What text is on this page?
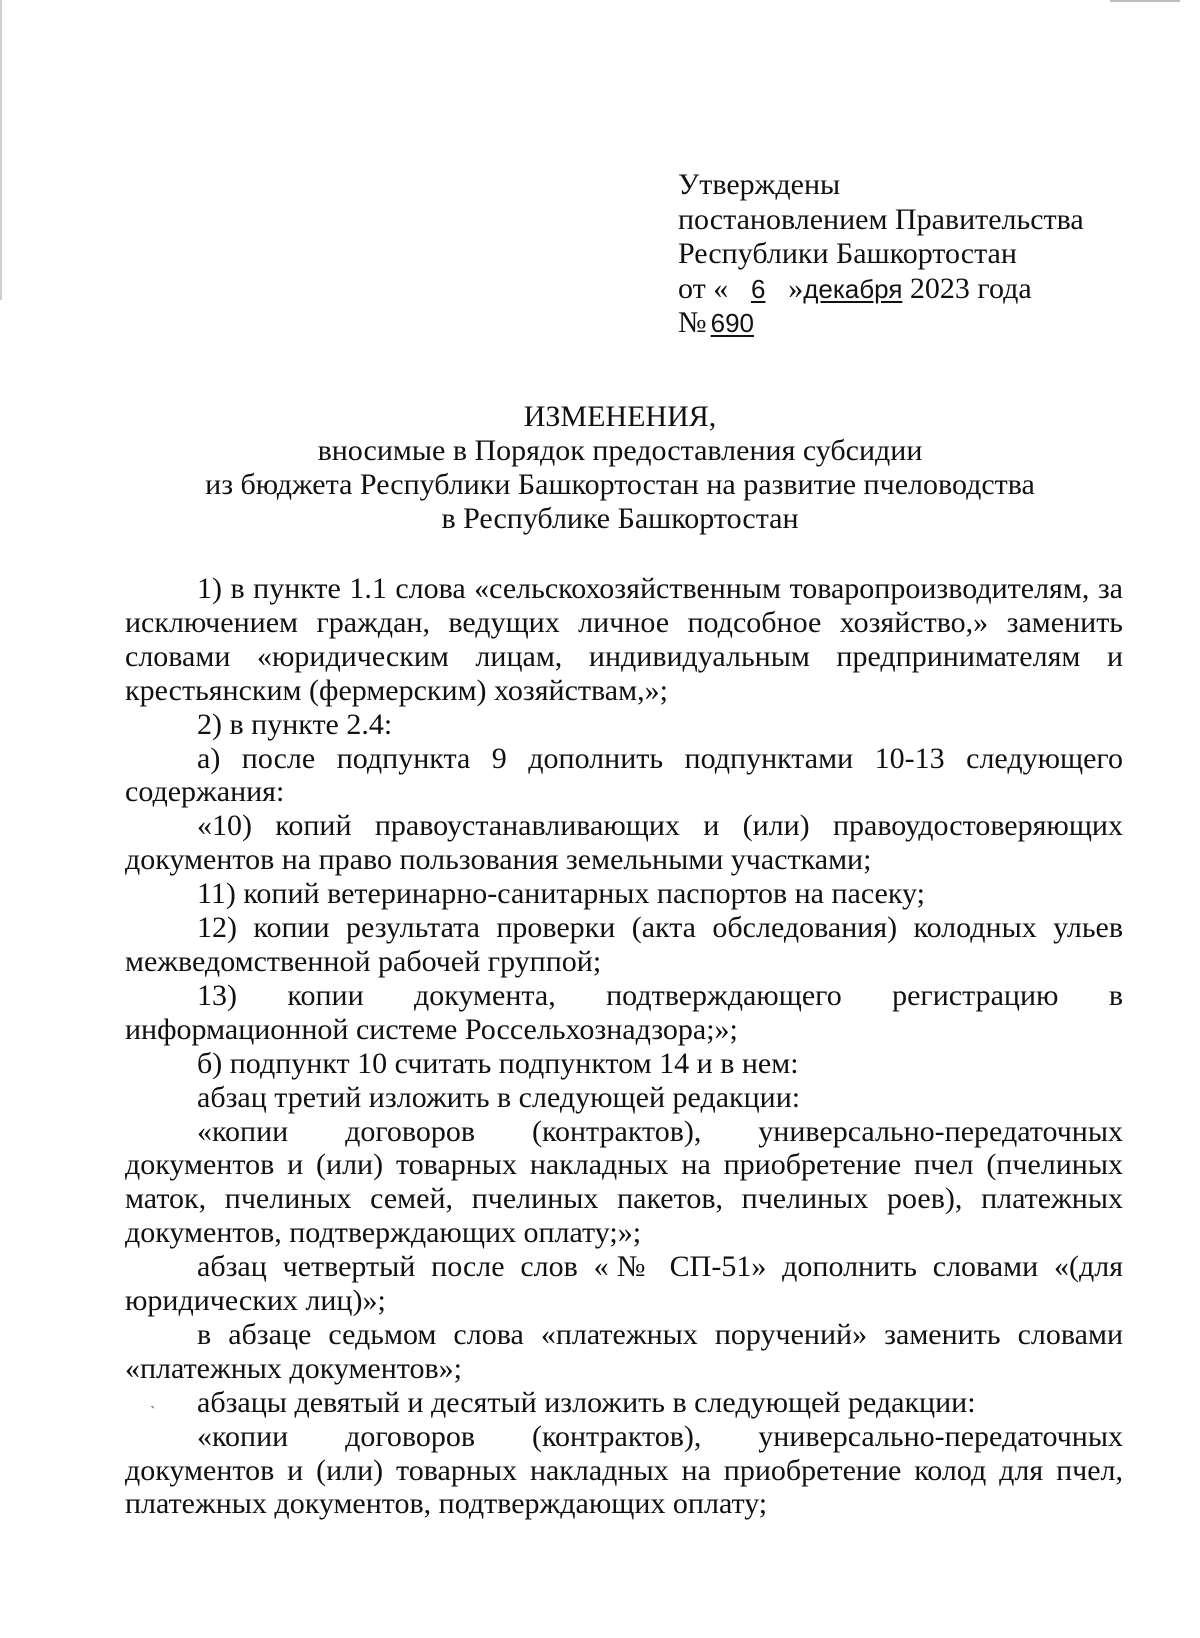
ˎ
Утверждены
постановлением Правительства
Республики Башкортостан
от « 6 »декабря 2023 года
№ 690
ИЗМЕНЕНИЯ,
вносимые в Порядок предоставления субсидии
из бюджета Республики Башкортостан на развитие пчеловодства
в Республике Башкортостан

1) в пункте 1.1 слова «сельскохозяйственным товаропроизводителям, за исключением граждан, ведущих личное подсобное хозяйство,» заменить словами «юридическим лицам, индивидуальным предпринимателям и крестьянским (фермерским) хозяйствам,»;

2) в пункте 2.4:

а) после подпункта 9 дополнить подпунктами 10-13 следующего содержания:

«10) копий правоустанавливающих и (или) правоудостоверяющих документов на право пользования земельными участками;

11) копий ветеринарно-санитарных паспортов на пасеку;

12) копии результата проверки (акта обследования) колодных ульев межведомственной рабочей группой;

13) копии документа, подтверждающего регистрацию в информационной системе Россельхознадзора;»;

б) подпункт 10 считать подпунктом 14 и в нем:

абзац третий изложить в следующей редакции:

«копии договоров (контрактов), универсально-передаточных документов и (или) товарных накладных на приобретение пчел (пчелиных маток, пчелиных семей, пчелиных пакетов, пчелиных роев), платежных документов, подтверждающих оплату;»;

абзац четвертый после слов «№ СП-51» дополнить словами «(для юридических лиц)»;

в абзаце седьмом слова «платежных поручений» заменить словами «платежных документов»;

абзацы девятый и десятый изложить в следующей редакции:

«копии договоров (контрактов), универсально-передаточных документов и (или) товарных накладных на приобретение колод для пчел, платежных документов, подтверждающих оплату;
